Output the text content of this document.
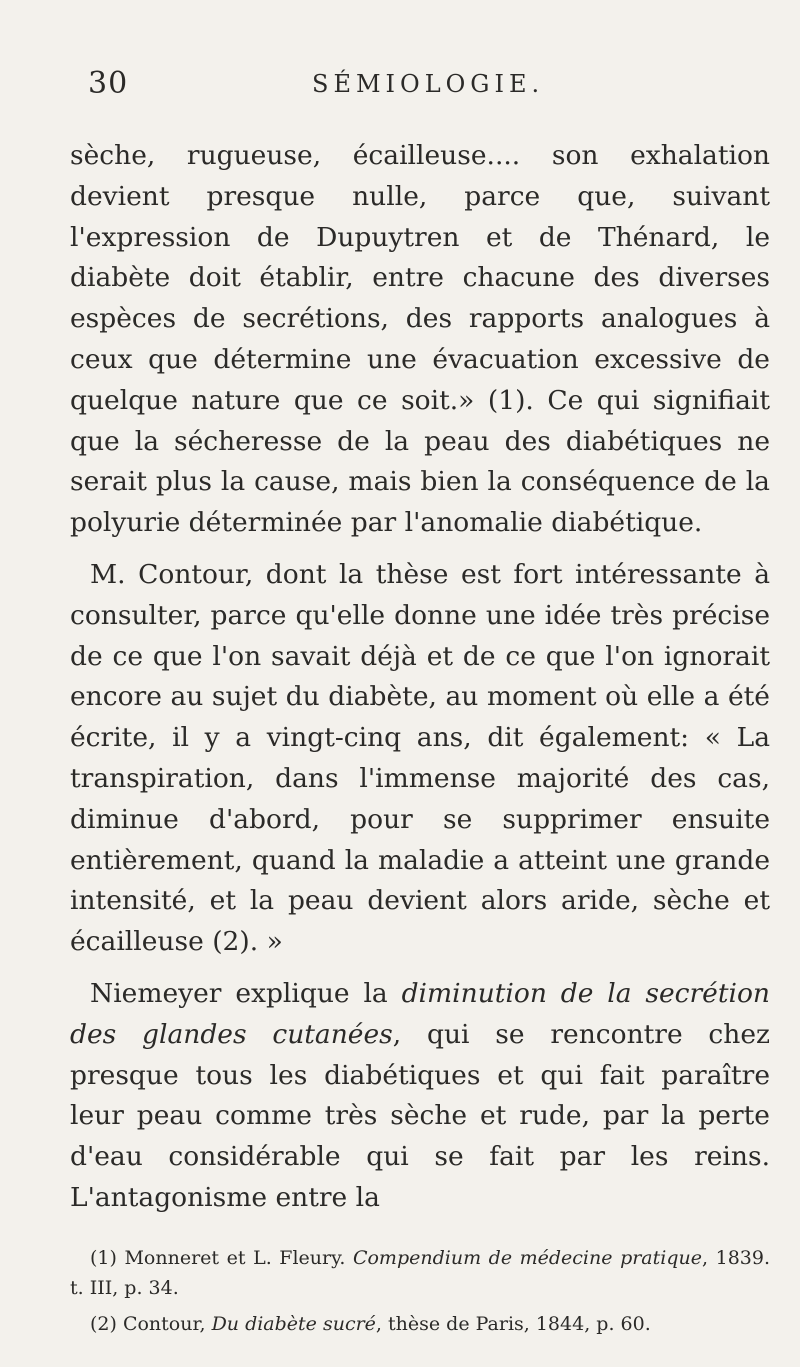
30	SÉMIOLOGIE.

sèche, rugueuse, écailleuse.... son exhalation devient presque nulle, parce que, suivant l'expression de Dupuytren et de Thénard, le diabète doit établir, entre chacune des diverses espèces de secrétions, des rapports analogues à ceux que détermine une évacuation excessive de quelque nature que ce soit.» (1). Ce qui signifiait que la sécheresse de la peau des diabétiques ne serait plus la cause, mais bien la conséquence de la polyurie déterminée par l'anomalie diabétique.

M. Contour, dont la thèse est fort intéressante à consulter, parce qu'elle donne une idée très précise de ce que l'on savait déjà et de ce que l'on ignorait encore au sujet du diabète, au moment où elle a été écrite, il y a vingt-cinq ans, dit également: « La transpiration, dans l'immense majorité des cas, diminue d'abord, pour se supprimer ensuite entièrement, quand la maladie a atteint une grande intensité, et la peau devient alors aride, sèche et écailleuse (2). »

Niemeyer explique la diminution de la secrétion des glandes cutanées, qui se rencontre chez presque tous les diabétiques et qui fait paraître leur peau comme très sèche et rude, par la perte d'eau considérable qui se fait par les reins. L'antagonisme entre la

(1) Monneret et L. Fleury. Compendium de médecine pratique, 1839. t. III, p. 34.

(2) Contour, Du diabète sucré, thèse de Paris, 1844, p. 60.
